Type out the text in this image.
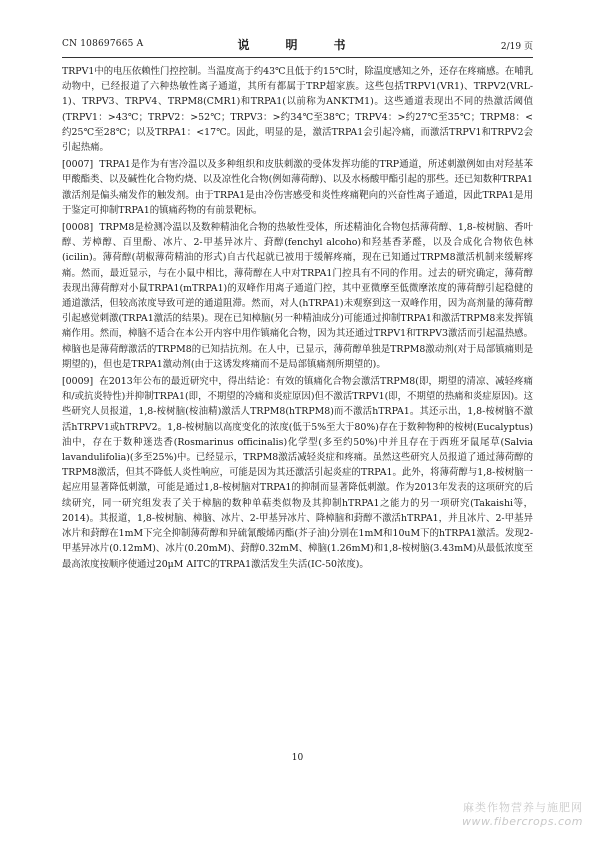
CN 108697665 A	说　明　书	2/19 页

TRPV1中的电压依赖性门控控制。当温度高于约43℃且低于约15℃时，除温度感知之外，还存在疼痛感。在哺乳动物中，已经报道了六种热敏性离子通道，其所有都属于TRP超家族。这些包括TRPV1(VR1)、TRPV2(VRL-1)、TRPV3、TRPV4、TRPM8(CMR1)和TRPA1(以前称为ANKTM1)。这些通道表现出不同的热激活阈值(TRPV1：>43℃；TRPV2：>52℃；TRPV3：>约34℃至38℃；TRPV4：>约27℃至35℃；TRPM8：<约25℃至28℃；以及TRPA1：<17℃。因此，明显的是，激活TRPA1会引起冷痛，而激活TRPV1和TRPV2会引起热痛。

[0007] TRPA1是作为有害冷温以及多种组织和皮肤刺激的受体发挥功能的TRP通道，所述刺激例如由对羟基苯甲酸酯类、以及碱性化合物灼烧、以及凉性化合物(例如薄荷醇)、以及水杨酸甲酯引起的那些。还已知数种TRPA1激活剂是偏头痛发作的触发剂。由于TRPA1是由冷伤害感受和炎性疼痛靶向的兴奋性离子通道，因此TRPA1是用于鉴定可抑制TRPA1的镇痛药物的有前景靶标。

[0008] TRPM8是检测冷温以及数种精油化合物的热敏性受体，所述精油化合物包括薄荷醇、1,8-桉树脑、香叶醇、芳樟醇、百里酚、冰片、2-甲基异冰片、葑醇(fenchyl alcoho)和羟基香茅醛，以及合成化合物依色林(icilin)。薄荷醇(胡椒薄荷精油的形式)自古代起就已被用于缓解疼痛，现在已知通过TRPM8激活机制来缓解疼痛。然而，最近显示，与在小鼠中相比，薄荷醇在人中对TRPA1门控具有不同的作用。过去的研究确定，薄荷醇表现出薄荷醇对小鼠TRPA1(mTRPA1)的双峰作用离子通道门控，其中亚微摩至低微摩浓度的薄荷醇引起稳健的通道激活，但较高浓度导致可逆的通道阻滞。然而，对人(hTRPA1)未观察到这一双峰作用，因为高剂量的薄荷醇引起感觉刺激(TRPA1激活的结果)。现在已知樟脑(另一种精油成分)可能通过抑制TRPA1和激活TRPM8来发挥镇痛作用。然而，樟脑不适合在本公开内容中用作镇痛化合物，因为其还通过TRPV1和TRPV3激活而引起温热感。樟脑也是薄荷醇激活的TRPM8的已知拮抗剂。在人中，已显示，薄荷醇单独是TRPM8激动剂(对于局部镇痛则是期望的)，但也是TRPA1激动剂(由于这诱发疼痛而不是局部镇痛剂所期望的)。

[0009] 在2013年公布的最近研究中，得出结论：有效的镇痛化合物会激活TRPM8(即，期望的清凉、减轻疼痛和/或抗炎特性)并抑制TRPA1(即，不期望的冷痛和炎症原因)但不激活TRPV1(即，不期望的热痛和炎症原因)。这些研究人员报道，1,8-桉树脑(桉油精)激活人TRPM8(hTRPM8)而不激活hTRPA1。其还示出，1,8-桉树脑不激活hTRPV1或hTRPV2。1,8-桉树脑以高度变化的浓度(低于5%至大于80%)存在于数种物种的桉树(Eucalyptus)油中，存在于数种迷迭香(Rosmarinus officinalis)化学型(多至约50%)中并且存在于西班牙鼠尾草(Salvia lavandulifolia)(多至25%)中。已经显示，TRPM8激活减轻炎症和疼痛。虽然这些研究人员报道了通过薄荷醇的TRPM8激活，但其不降低人炎性响应，可能是因为其还激活引起炎症的TRPA1。此外，将薄荷醇与1,8-桉树脑一起应用显著降低刺激，可能是通过1,8-桉树脑对TRPA1的抑制而显著降低刺激。作为2013年发表的这项研究的后续研究，同一研究组发表了关于樟脑的数种单萜类似物及其抑制hTRPA1之能力的另一项研究(Takaishi等，2014)。其报道，1,8-桉树脑、樟脑、冰片、2-甲基异冰片、降樟脑和葑醇不激活hTRPA1，并且冰片、2-甲基异冰片和葑醇在1mM下完全抑制薄荷醇和异硫氰酸烯丙酯(芥子油)分别在1mM和10uM下的hTRPA1激活。发现2-甲基异冰片(0.12mM)、冰片(0.20mM)、葑醇0.32mM、樟脑(1.26mM)和1,8-桉树脑(3.43mM)从最低浓度至最高浓度按顺序使通过20μM AITC的TRPA1激活发生失活(IC-50浓度)。

10
麻类作物营养与施肥网
www.fibercrops.com
